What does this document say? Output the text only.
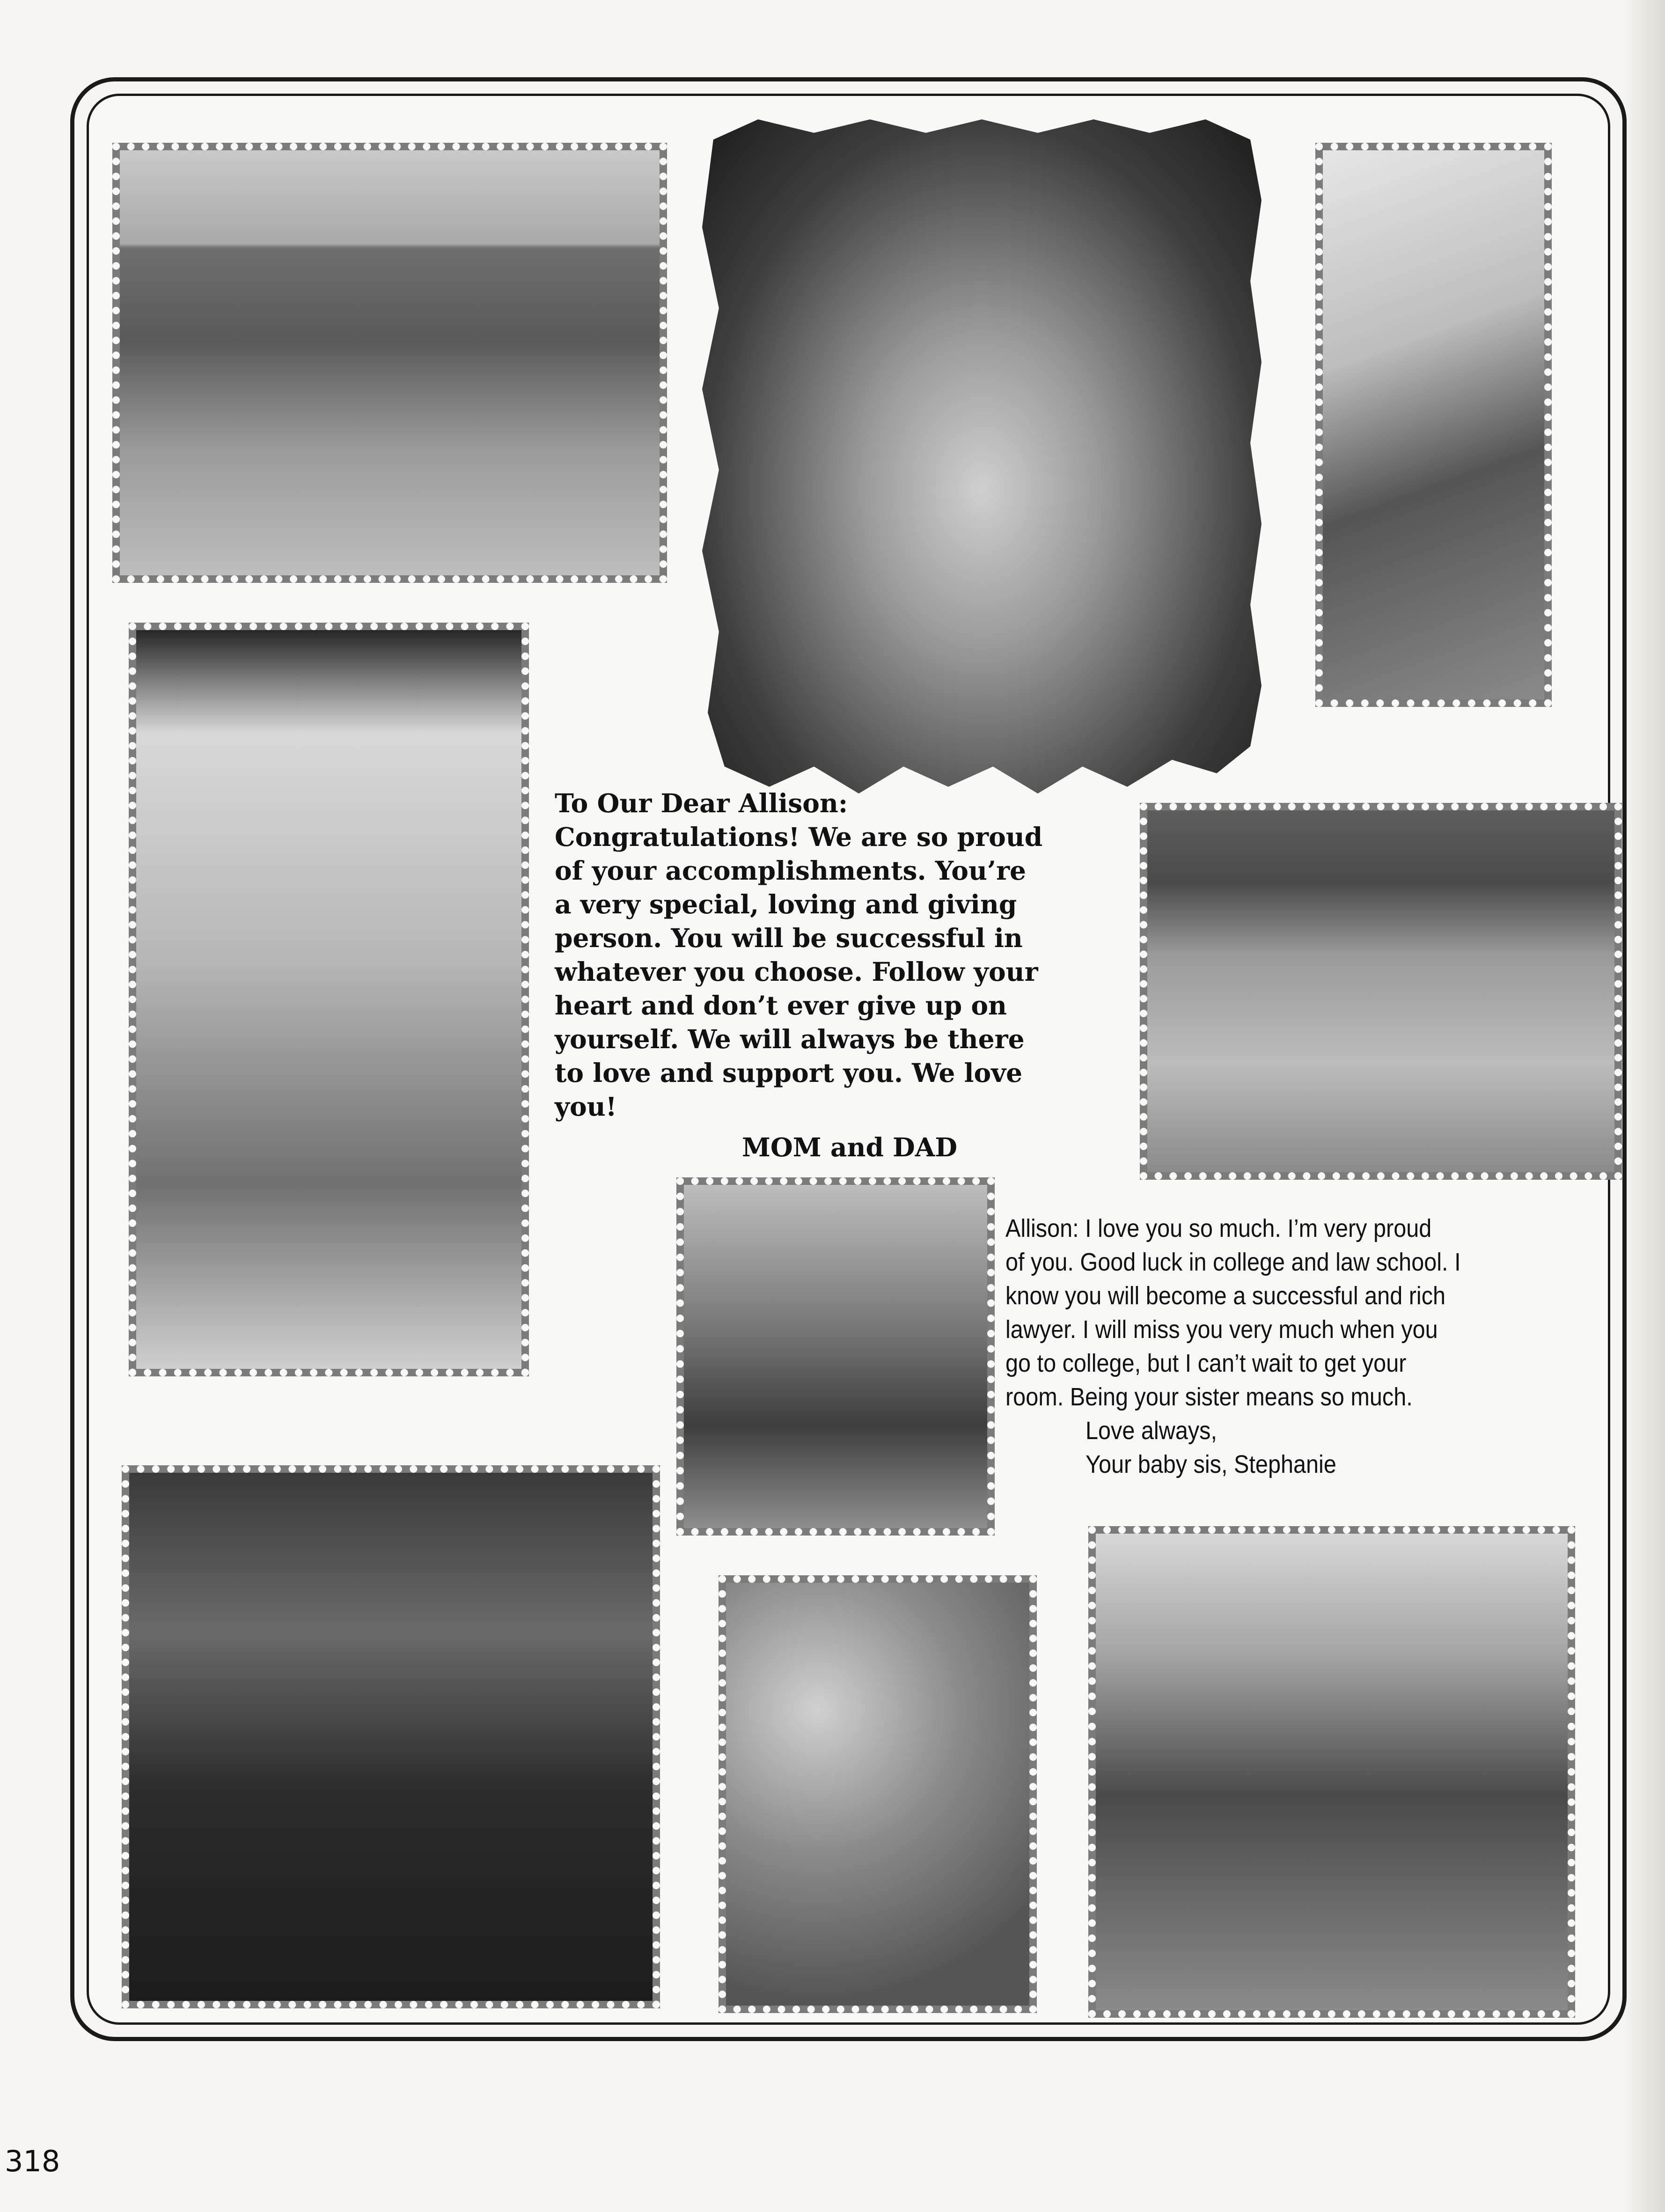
To Our Dear Allison:
Congratulations! We are so proud
of your accomplishments. You’re
a very special, loving and giving
person. You will be successful in
whatever you choose. Follow your
heart and don’t ever give up on
yourself. We will always be there
to love and support you. We love
you!
MOM and DAD
Allison: I love you so much. I’m very proud
of you. Good luck in college and law school. I
know you will become a successful and rich
lawyer. I will miss you very much when you
go to college, but I can’t wait to get your
room. Being your sister means so much.
Love always,
Your baby sis, Stephanie
318
